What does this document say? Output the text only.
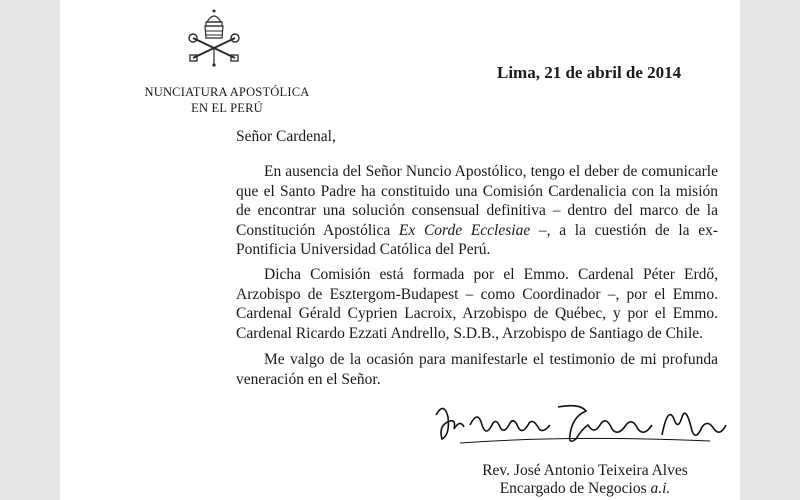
NUNCIATURA APOSTÓLICA
EN EL PERÚ
Lima, 21 de abril de 2014
Señor Cardenal,

En ausencia del Señor Nuncio Apostólico, tengo el deber de comunicarle que el Santo Padre ha constituido una Comisión Cardenalicia con la misión de encontrar una solución consensual definitiva – dentro del marco de la Constitución Apostólica Ex Corde Ecclesiae –, a la cuestión de la ex-Pontificia Universidad Católica del Perú.

Dicha Comisión está formada por el Emmo. Cardenal Péter Erdő, Arzobispo de Esztergom-Budapest – como Coordinador –, por el Emmo. Cardenal Gérald Cyprien Lacroix, Arzobispo de Québec, y por el Emmo. Cardenal Ricardo Ezzati Andrello, S.D.B., Arzobispo de Santiago de Chile.

Me valgo de la ocasión para manifestarle el testimonio de mi profunda veneración en el Señor.

Rev. José Antonio Teixeira Alves
Encargado de Negocios a.i.
